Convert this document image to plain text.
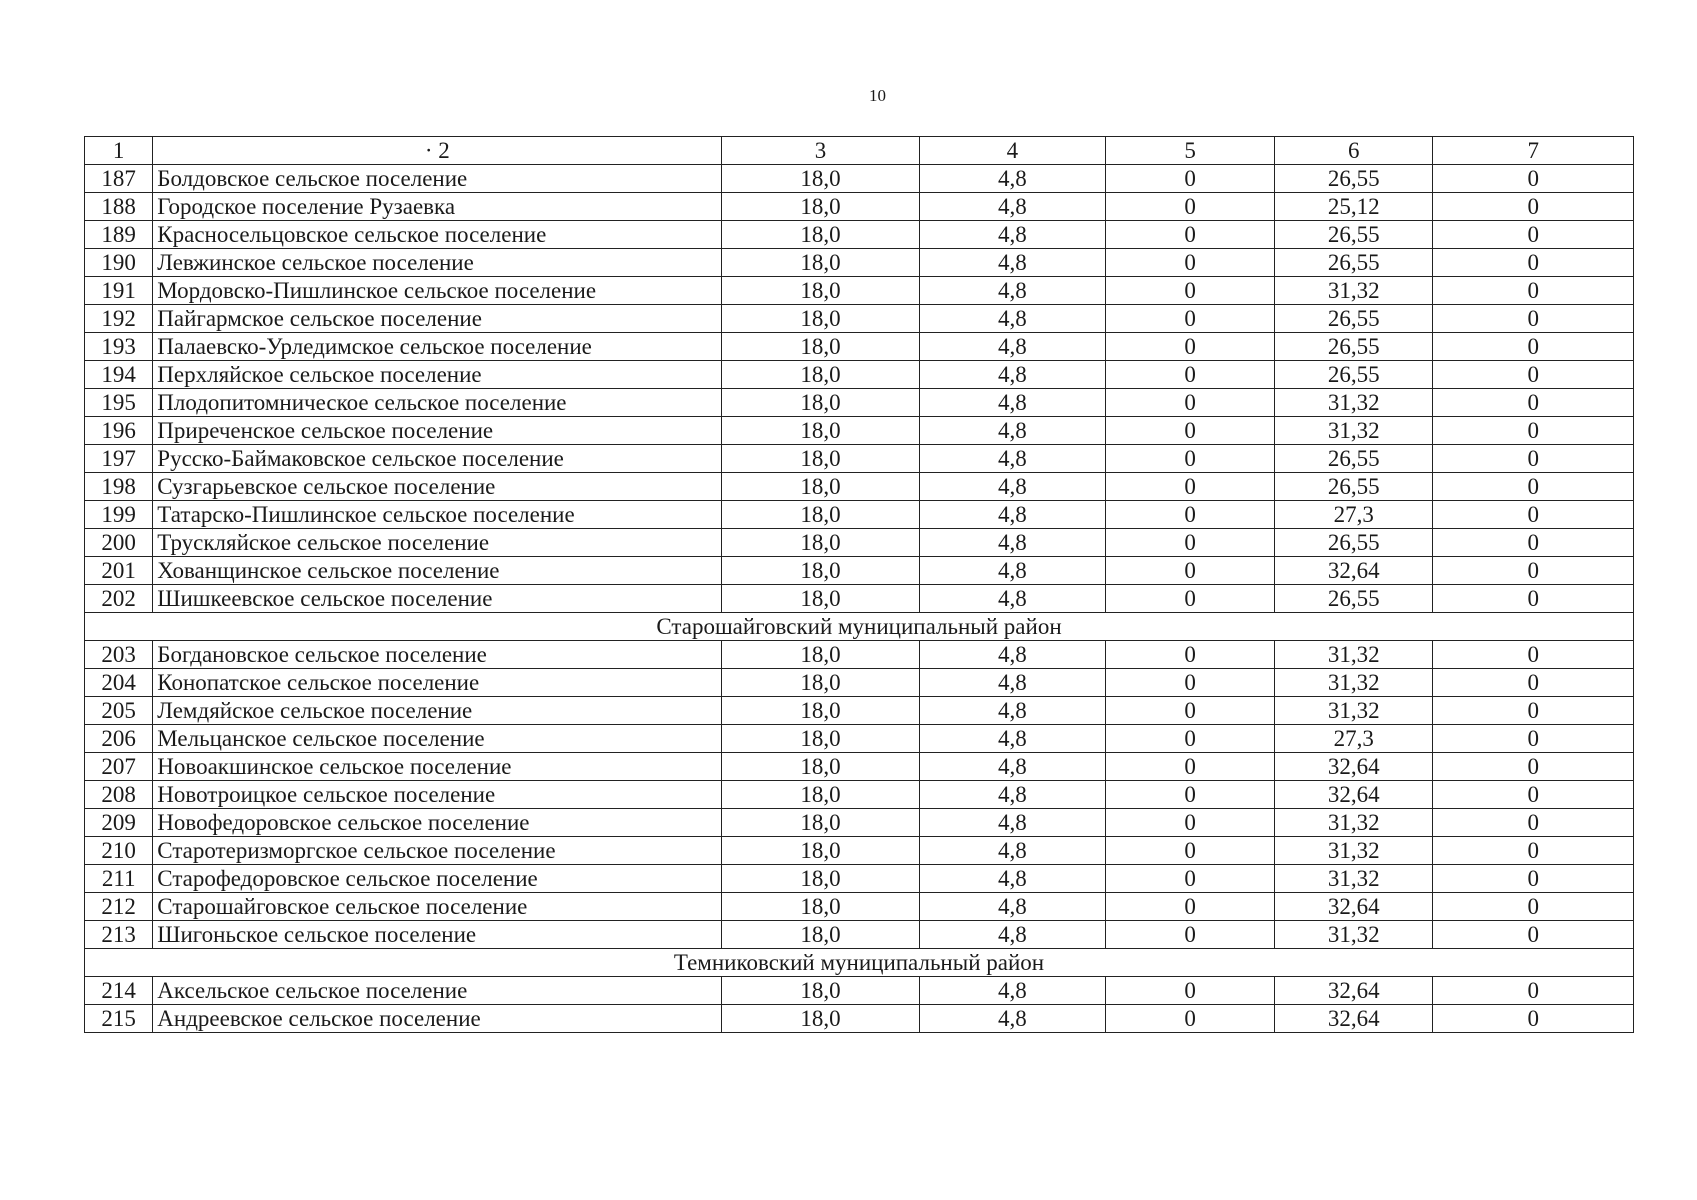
10
1	· 2	3	4	5	6	7
187	Болдовское сельское поселение	18,0	4,8	0	26,55	0
188	Городское поселение Рузаевка	18,0	4,8	0	25,12	0
189	Красносельцовское сельское поселение	18,0	4,8	0	26,55	0
190	Левжинское сельское поселение	18,0	4,8	0	26,55	0
191	Мордовско-Пишлинское сельское поселение	18,0	4,8	0	31,32	0
192	Пайгармское сельское поселение	18,0	4,8	0	26,55	0
193	Палаевско-Урледимское сельское поселение	18,0	4,8	0	26,55	0
194	Перхляйское сельское поселение	18,0	4,8	0	26,55	0
195	Плодопитомническое сельское поселение	18,0	4,8	0	31,32	0
196	Приреченское сельское поселение	18,0	4,8	0	31,32	0
197	Русско-Баймаковское сельское поселение	18,0	4,8	0	26,55	0
198	Сузгарьевское сельское поселение	18,0	4,8	0	26,55	0
199	Татарско-Пишлинское сельское поселение	18,0	4,8	0	27,3	0
200	Трускляйское сельское поселение	18,0	4,8	0	26,55	0
201	Хованщинское сельское поселение	18,0	4,8	0	32,64	0
202	Шишкеевское сельское поселение	18,0	4,8	0	26,55	0
Старошайговский муниципальный район						
203	Богдановское сельское поселение	18,0	4,8	0	31,32	0
204	Конопатское сельское поселение	18,0	4,8	0	31,32	0
205	Лемдяйское сельское поселение	18,0	4,8	0	31,32	0
206	Мельцанское сельское поселение	18,0	4,8	0	27,3	0
207	Новоакшинское сельское поселение	18,0	4,8	0	32,64	0
208	Новотроицкое сельское поселение	18,0	4,8	0	32,64	0
209	Новофедоровское сельское поселение	18,0	4,8	0	31,32	0
210	Старотеризморгское сельское поселение	18,0	4,8	0	31,32	0
211	Старофедоровское сельское поселение	18,0	4,8	0	31,32	0
212	Старошайговское сельское поселение	18,0	4,8	0	32,64	0
213	Шигоньское сельское поселение	18,0	4,8	0	31,32	0
Темниковский муниципальный район						
214	Аксельское сельское поселение	18,0	4,8	0	32,64	0
215	Андреевское сельское поселение	18,0	4,8	0	32,64	0
